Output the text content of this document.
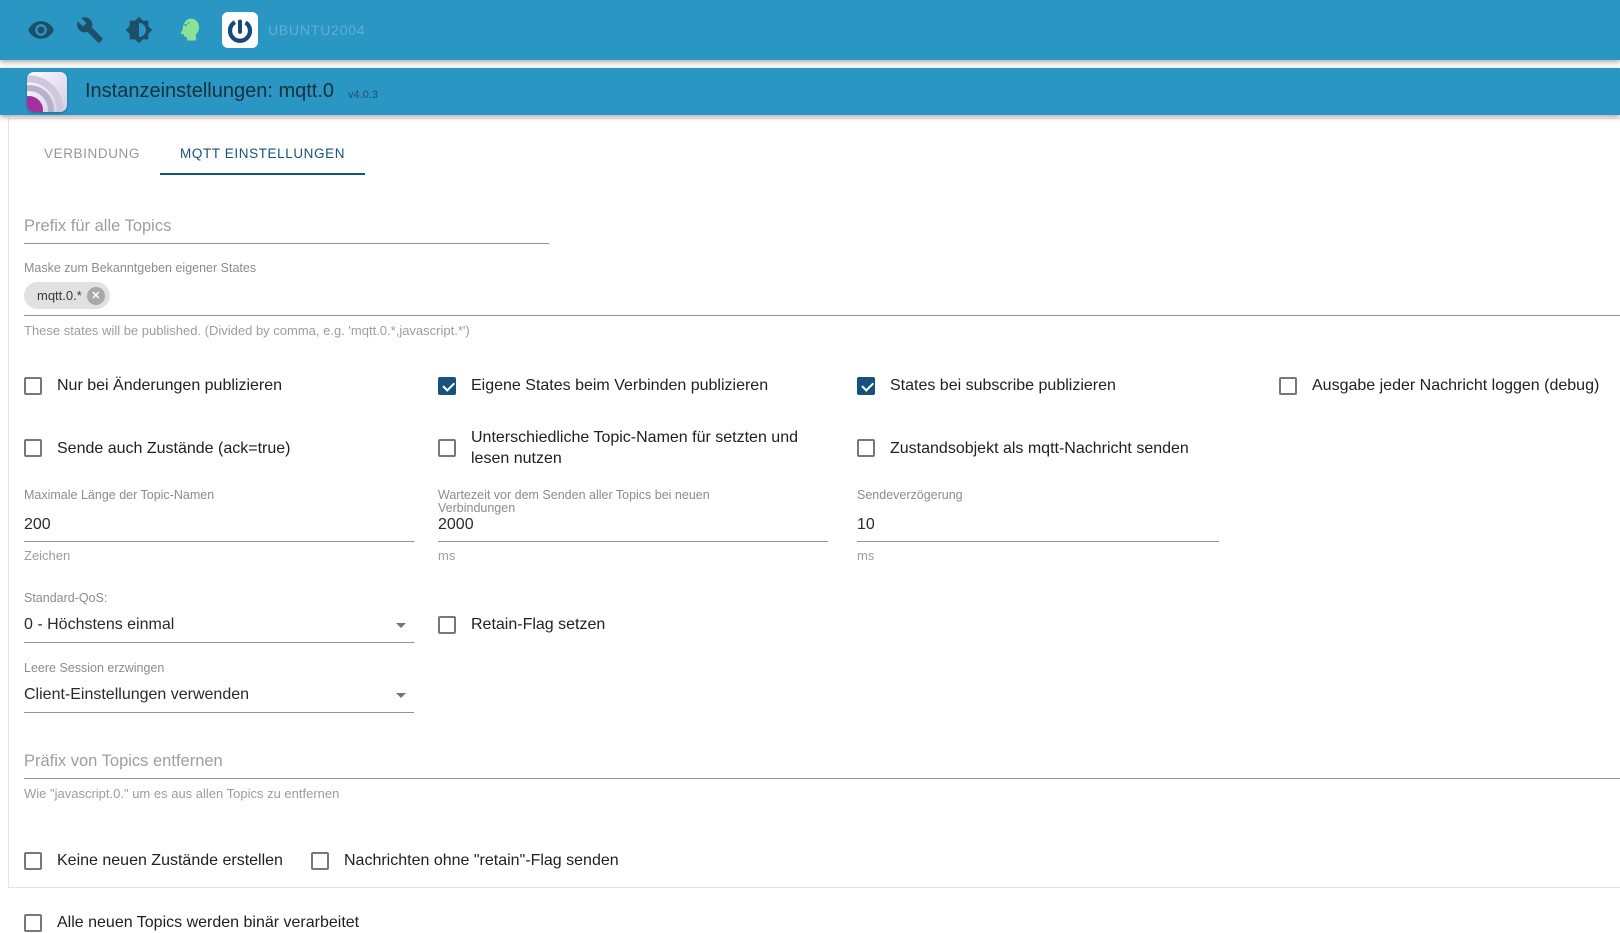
UBUNTU2004
Instanzeinstellungen: mqtt.0 v4.0.3
VERBINDUNG	MQTT EINSTELLUNGEN
Prefix für alle Topics
Maske zum Bekanntgeben eigener States
mqtt.0.* ✕
These states will be published. (Divided by comma, e.g. 'mqtt.0.*,javascript.*')
Nur bei Änderungen publizieren	Eigene States beim Verbinden publizieren	States bei subscribe publizieren	Ausgabe jeder Nachricht loggen (debug)
Sende auch Zustände (ack=true)
Unterschiedliche Topic-Namen für setzten und lesen nutzen
Zustandsobjekt als mqtt-Nachricht senden
Maximale Länge der Topic-Namen
200
Zeichen
Wartezeit vor dem Senden aller Topics bei neuen Verbindungen
2000
ms
Sendeverzögerung
10
ms
Standard-QoS:
0 - Höchstens einmal	Retain-Flag setzen
Leere Session erzwingen
Client-Einstellungen verwenden
Präfix von Topics entfernen
Wie "javascript.0." um es aus allen Topics zu entfernen
Keine neuen Zustände erstellen	Nachrichten ohne "retain"-Flag senden
Alle neuen Topics werden binär verarbeitet
